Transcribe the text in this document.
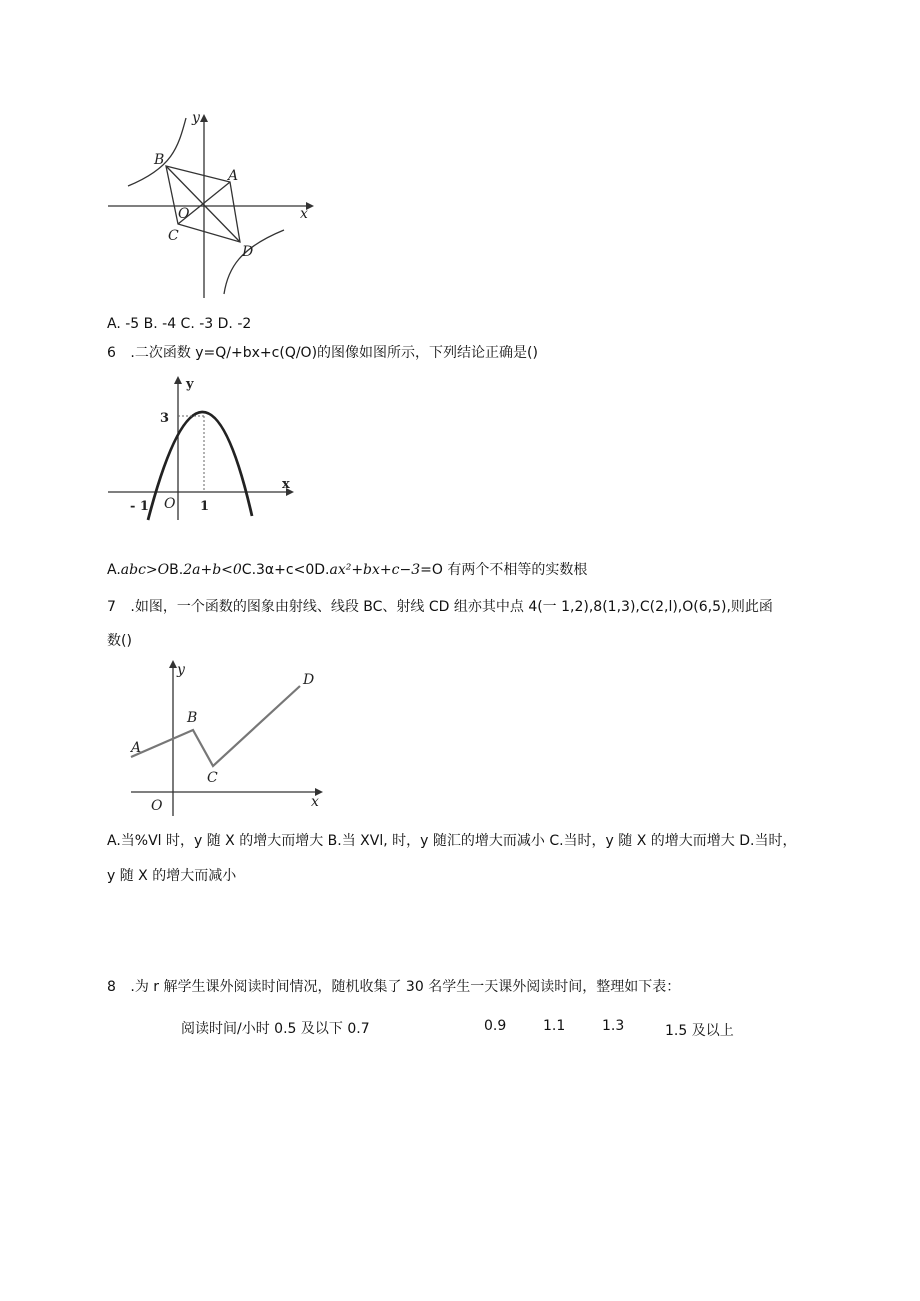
y
x
B
A
O
C
D
A. -5 B. -4 C. -3 D. -2
6 .二次函数 y=Q/+bx+c(Q/O)的图像如图所示，下列结论正确是()
y
x
3
- 1 O 1
A.abc>OB.2a+b<0C.3α+c<0D.ax²+bx+c−3=O 有两个不相等的实数根
7 .如图，一个函数的图象由射线、线段 BC、射线 CD 组亦其中点 4(一 1,2),8(1,3),C(2,l),O(6,5),则此函
数()
y
x
A
B
C
D
O
A.当%Vl 时，y 随 X 的增大而增大 B.当 XVl, 时，y 随汇的增大而减小 C.当时，y 随 X 的增大而增大 D.当时，
y 随 X 的增大而减小
8 .为 r 解学生课外阅读时间情况，随机收集了 30 名学生一天课外阅读时间，整理如下表：
阅读时间/小时 0.5 及以下 0.7	0.9	1.1	1.3	1.5 及以上
